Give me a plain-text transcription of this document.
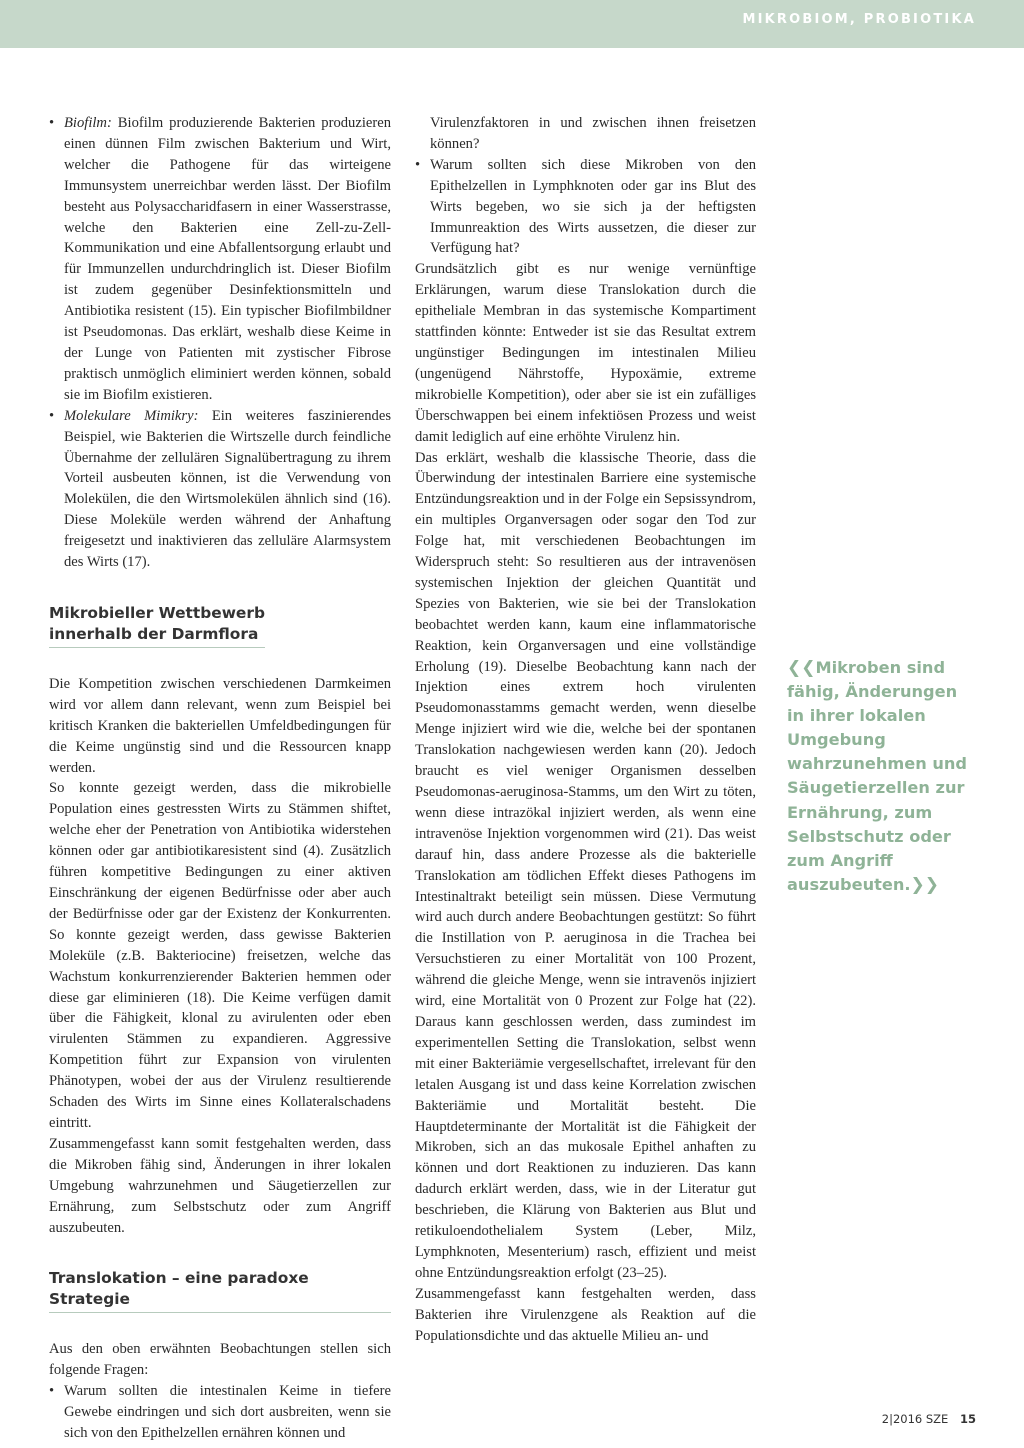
MIKROBIOM, PROBIOTIKA
• Biofilm: Biofilm produzierende Bakterien produzieren einen dünnen Film zwischen Bakterium und Wirt, welcher die Pathogene für das wirteigene Immunsystem unerreichbar werden lässt. Der Biofilm besteht aus Polysaccharidfasern in einer Wasserstrasse, welche den Bakterien eine Zell-zu-Zell-Kommunikation und eine Abfallentsorgung erlaubt und für Immunzellen undurchdringlich ist. Dieser Biofilm ist zudem gegenüber Desinfektionsmitteln und Antibiotika resistent (15). Ein typischer Biofilmbildner ist Pseudomonas. Das erklärt, weshalb diese Keime in der Lunge von Patienten mit zystischer Fibrose praktisch unmöglich eliminiert werden können, sobald sie im Biofilm existieren.
• Molekulare Mimikry: Ein weiteres faszinierendes Beispiel, wie Bakterien die Wirtszelle durch feindliche Übernahme der zellulären Signalübertragung zu ihrem Vorteil ausbeuten können, ist die Verwendung von Molekülen, die den Wirtsmolekülen ähnlich sind (16). Diese Moleküle werden während der Anhaftung freigesetzt und inaktivieren das zelluläre Alarmsystem des Wirts (17).
Mikrobieller Wettbewerb
innerhalb der Darmflora

Die Kompetition zwischen verschiedenen Darmkeimen wird vor allem dann relevant, wenn zum Beispiel bei kritisch Kranken die bakteriellen Umfeldbedingungen für die Keime ungünstig sind und die Ressourcen knapp werden.

So konnte gezeigt werden, dass die mikrobielle Population eines gestressten Wirts zu Stämmen shiftet, welche eher der Penetration von Antibiotika widerstehen können oder gar antibiotikaresistent sind (4). Zusätzlich führen kompetitive Bedingungen zu einer aktiven Einschränkung der eigenen Bedürfnisse oder aber auch der Bedürfnisse oder gar der Existenz der Konkurrenten. So konnte gezeigt werden, dass gewisse Bakterien Moleküle (z.B. Bakteriocine) freisetzen, welche das Wachstum konkurrenzierender Bakterien hemmen oder diese gar eliminieren (18). Die Keime verfügen damit über die Fähigkeit, klonal zu avirulenten oder eben virulenten Stämmen zu expandieren. Aggressive Kompetition führt zur Expansion von virulenten Phänotypen, wobei der aus der Virulenz resultierende Schaden des Wirts im Sinne eines Kollateralschadens eintritt.

Zusammengefasst kann somit festgehalten werden, dass die Mikroben fähig sind, Änderungen in ihrer lokalen Umgebung wahrzunehmen und Säugetierzellen zur Ernährung, zum Selbstschutz oder zum Angriff auszubeuten.

Translokation – eine paradoxe Strategie

Aus den oben erwähnten Beobachtungen stellen sich folgende Fragen:

• Warum sollten die intestinalen Keime in tiefere Gewebe eindringen und sich dort ausbreiten, wenn sie sich von den Epithelzellen ernähren können und
Virulenzfaktoren in und zwischen ihnen freisetzen können?
• Warum sollten sich diese Mikroben von den Epithelzellen in Lymphknoten oder gar ins Blut des Wirts begeben, wo sie sich ja der heftigsten Immunreaktion des Wirts aussetzen, die dieser zur Verfügung hat?

Grundsätzlich gibt es nur wenige vernünftige Erklärungen, warum diese Translokation durch die epitheliale Membran in das systemische Kompartiment stattfinden könnte: Entweder ist sie das Resultat extrem ungünstiger Bedingungen im intestinalen Milieu (ungenügend Nährstoffe, Hypoxämie, extreme mikrobielle Kompetition), oder aber sie ist ein zufälliges Überschwappen bei einem infektiösen Prozess und weist damit lediglich auf eine erhöhte Virulenz hin.

Das erklärt, weshalb die klassische Theorie, dass die Überwindung der intestinalen Barriere eine systemische Entzündungsreaktion und in der Folge ein Sepsissyndrom, ein multiples Organversagen oder sogar den Tod zur Folge hat, mit verschiedenen Beobachtungen im Widerspruch steht: So resultieren aus der intravenösen systemischen Injektion der gleichen Quantität und Spezies von Bakterien, wie sie bei der Translokation beobachtet werden kann, kaum eine inflammatorische Reaktion, kein Organversagen und eine vollständige Erholung (19). Dieselbe Beobachtung kann nach der Injektion eines extrem hoch virulenten Pseudomonasstamms gemacht werden, wenn dieselbe Menge injiziert wird wie die, welche bei der spontanen Translokation nachgewiesen werden kann (20). Jedoch braucht es viel weniger Organismen desselben Pseudomonas-aeruginosa-Stamms, um den Wirt zu töten, wenn diese intrazökal injiziert werden, als wenn eine intravenöse Injektion vorgenommen wird (21). Das weist darauf hin, dass andere Prozesse als die bakterielle Translokation am tödlichen Effekt dieses Pathogens im Intestinaltrakt beteiligt sein müssen. Diese Vermutung wird auch durch andere Beobachtungen gestützt: So führt die Instillation von P. aeruginosa in die Trachea bei Versuchstieren zu einer Mortalität von 100 Prozent, während die gleiche Menge, wenn sie intravenös injiziert wird, eine Mortalität von 0 Prozent zur Folge hat (22). Daraus kann geschlossen werden, dass zumindest im experimentellen Setting die Translokation, selbst wenn mit einer Bakteriämie vergesellschaftet, irrelevant für den letalen Ausgang ist und dass keine Korrelation zwischen Bakteriämie und Mortalität besteht. Die Hauptdeterminante der Mortalität ist die Fähigkeit der Mikroben, sich an das mukosale Epithel anhaften zu können und dort Reaktionen zu induzieren. Das kann dadurch erklärt werden, dass, wie in der Literatur gut beschrieben, die Klärung von Bakterien aus Blut und retikuloendothelialem System (Leber, Milz, Lymphknoten, Mesenterium) rasch, effizient und meist ohne Entzündungsreaktion erfolgt (23–25).

Zusammengefasst kann festgehalten werden, dass Bakterien ihre Virulenzgene als Reaktion auf die Populationsdichte und das aktuelle Milieu an- und

❮❮Mikroben sind fähig, Änderungen in ihrer lokalen Umgebung wahrzunehmen und Säugetierzellen zur Ernährung, zum Selbstschutz oder zum Angriff auszubeuten.❯❯
2|2016 SZE 15
